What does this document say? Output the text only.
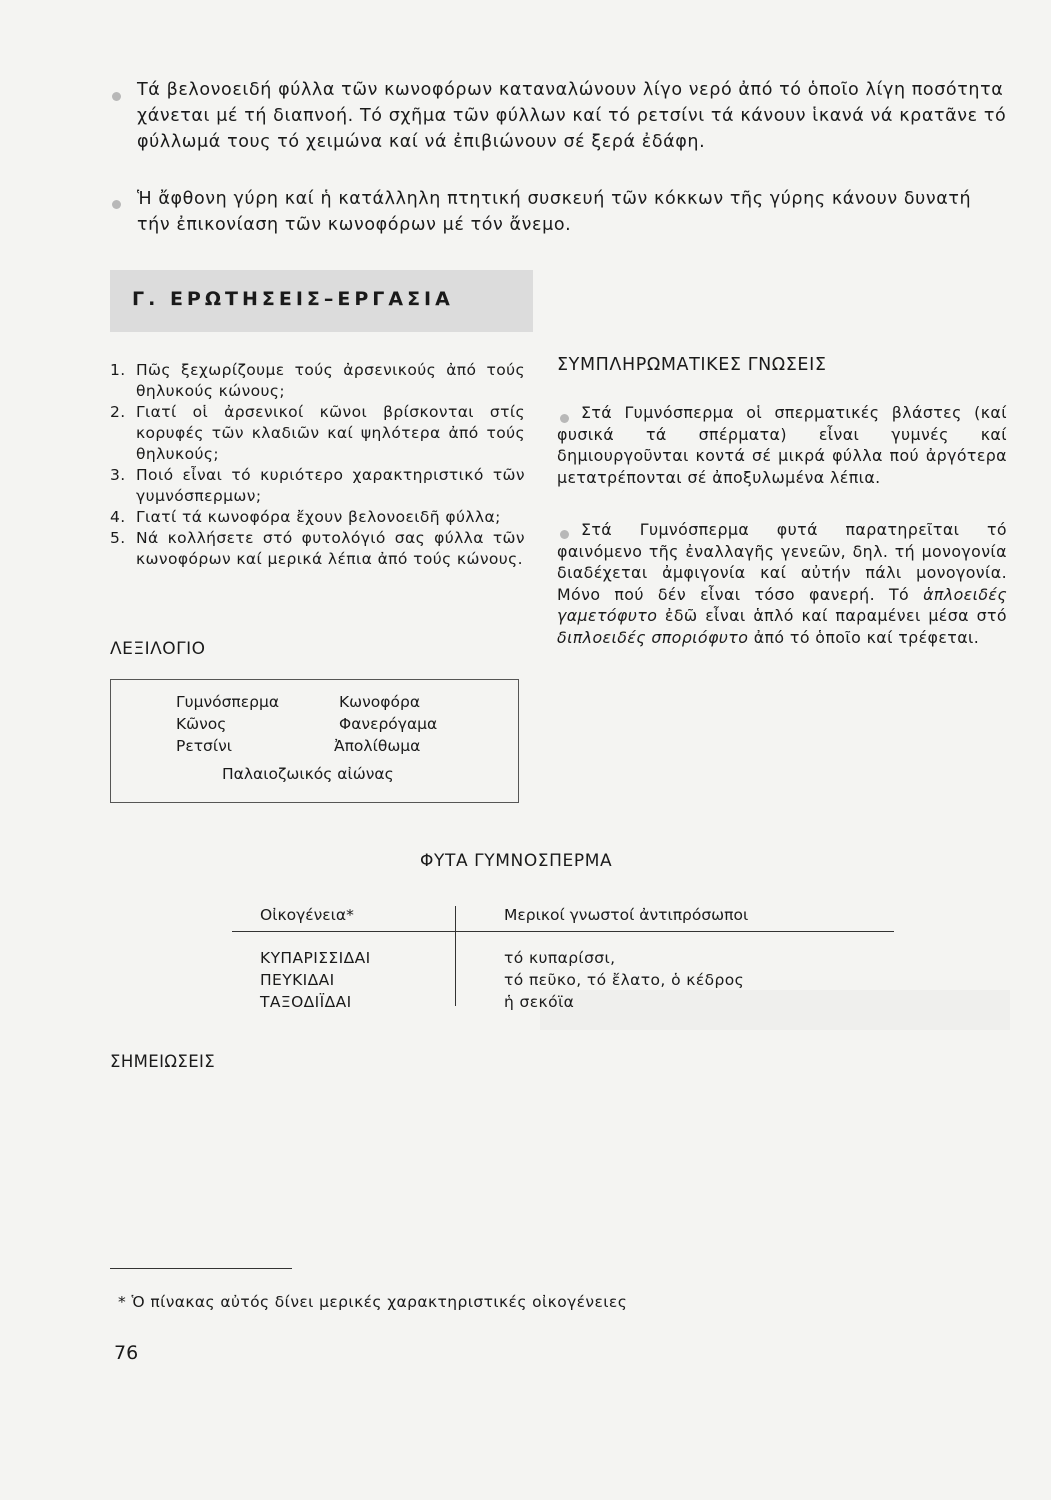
Τά βελονοειδή φύλλα τῶν κωνοφόρων καταναλώνουν λίγο νερό ἀπό τό ὁποῖο λίγη ποσότητα χάνεται μέ τή διαπνοή. Τό σχῆμα τῶν φύλλων καί τό ρετσίνι τά κάνουν ἱκανά νά κρατᾶνε τό φύλλωμά τους τό χειμώνα καί νά ἐπιβιώνουν σέ ξερά ἐδάφη.
Ἡ ἄφθονη γύρη καί ἡ κατάλληλη πτητική συσκευή τῶν κόκκων τῆς γύρης κάνουν δυνατή τήν ἐπικονίαση τῶν κωνοφόρων μέ τόν ἄνεμο.
Γ. ΕΡΩΤΗΣΕΙΣ–ΕΡΓΑΣΙΑ
1. Πῶς ξεχωρίζουμε τούς ἀρσενικούς ἀπό τούς θηλυκούς κώνους;
2. Γιατί οἱ ἀρσενικοί κῶνοι βρίσκονται στίς κορυφές τῶν κλαδιῶν καί ψηλότερα ἀπό τούς θηλυκούς;
3. Ποιό εἶναι τό κυριότερο χαρακτηριστικό τῶν γυμνόσπερμων;
4. Γιατί τά κωνοφόρα ἔχουν βελονοειδῆ φύλλα;
5. Νά κολλήσετε στό φυτολόγιό σας φύλλα τῶν κωνοφόρων καί μερικά λέπια ἀπό τούς κώνους.
ΛΕΞΙΛΟΓΙΟ
Γυμνόσπερμα	Κωνοφόρα
Κῶνος	Φανερόγαμα
Ρετσίνι	Ἀπολίθωμα
Παλαιοζωικός αἰώνας
ΣΥΜΠΛΗΡΩΜΑΤΙΚΕΣ ΓΝΩΣΕΙΣ
Στά Γυμνόσπερμα οἱ σπερματικές βλάστες (καί φυσικά τά σπέρματα) εἶναι γυμνές καί δημιουργοῦνται κοντά σέ μικρά φύλλα πού ἀργότερα μετατρέπονται σέ ἀποξυλωμένα λέπια.
Στά Γυμνόσπερμα φυτά παρατηρεῖται τό φαινόμενο τῆς ἐναλλαγῆς γενεῶν, δηλ. τή μονογονία διαδέχεται ἀμφιγονία καί αὐτήν πάλι μονογονία. Μόνο πού δέν εἶναι τόσο φανερή. Τό ἁπλοειδές γαμετόφυτο ἐδῶ εἶναι ἁπλό καί παραμένει μέσα στό διπλοειδές σποριόφυτο ἀπό τό ὁποῖο καί τρέφεται.
ΦΥΤΑ ΓΥΜΝΟΣΠΕΡΜΑ
Οἰκογένεια*	Μερικοί γνωστοί ἀντιπρόσωποι
ΚΥΠΑΡΙΣΣΙΔΑΙ	τό κυπαρίσσι,
ΠΕΥΚΙΔΑΙ	τό πεῦκο, τό ἔλατο, ὁ κέδρος
ΤΑΞΟΔΙΪΔΑΙ	ἡ σεκόϊα
ΣΗΜΕΙΩΣΕΙΣ
* Ὁ πίνακας αὐτός δίνει μερικές χαρακτηριστικές οἰκογένειες
76
